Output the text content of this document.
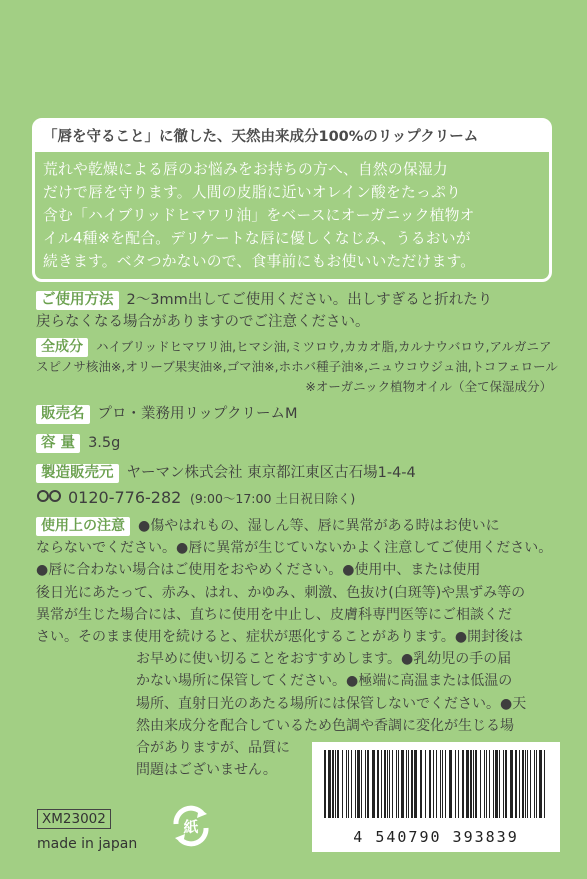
「唇を守ること」に徹した、天然由来成分100%のリップクリーム
荒れや乾燥による唇のお悩みをお持ちの方へ、自然の保湿力
だけで唇を守ります。人間の皮脂に近いオレイン酸をたっぷり
含む「ハイブリッドヒマワリ油」をベースにオーガニック植物オ
イル4種※を配合。デリケートな唇に優しくなじみ、うるおいが
続きます。ベタつかないので、食事前にもお使いいただけます。
ご使用方法 2〜3mm出してご使用ください。出しすぎると折れたり
戻らなくなる場合がありますのでご注意ください。
全成分 ハイブリッドヒマワリ油,ヒマシ油,ミツロウ,カカオ脂,カルナウバロウ,アルガニア
スピノサ核油※,オリーブ果実油※,ゴマ油※,ホホバ種子油※,ニュウコウジュ油,トコフェロール
※オーガニック植物オイル（全て保湿成分）
販売名 プロ・業務用リップクリームM
容 量 3.5g
製造販売元 ヤーマン株式会社 東京都江東区古石場1-4-4
0120-776-282 (9:00〜17:00 土日祝日除く)
使用上の注意 ●傷やはれもの、湿しん等、唇に異常がある時はお使いに
ならないでください。●唇に異常が生じていないかよく注意してご使用ください。
●唇に合わない場合はご使用をおやめください。●使用中、または使用
後日光にあたって、赤み、はれ、かゆみ、刺激、色抜け(白斑等)や黒ずみ等の
異常が生じた場合には、直ちに使用を中止し、皮膚科専門医等にご相談くだ
さい。そのまま使用を続けると、症状が悪化することがあります。●開封後は
お早めに使い切ることをおすすめします。●乳幼児の手の届
かない場所に保管してください。●極端に高温または低温の
場所、直射日光のあたる場所には保管しないでください。●天
然由来成分を配合しているため色調や香調に変化が生じる場
合がありますが、品質に
問題はございません。
XM23002
made in japan
紙
4 540790 393839
